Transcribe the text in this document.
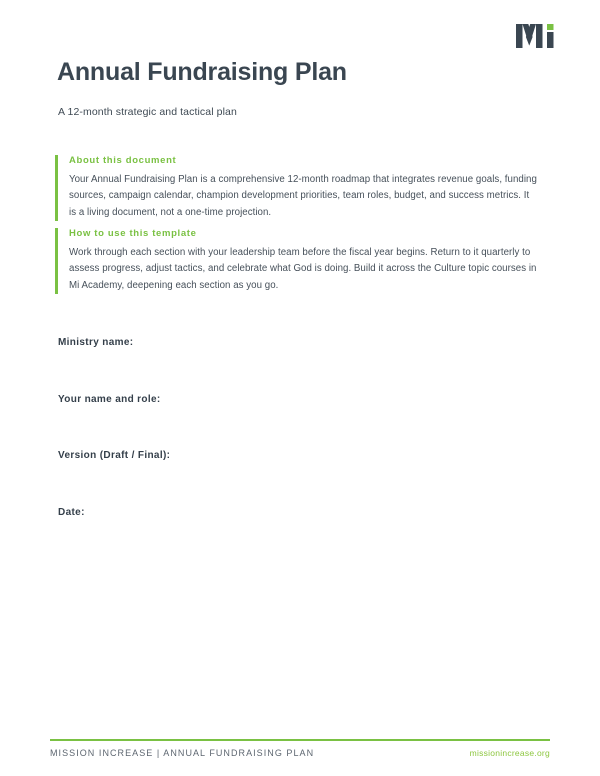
Annual Fundraising Plan

A 12-month strategic and tactical plan

About this document

Your Annual Fundraising Plan is a comprehensive 12-month roadmap that integrates revenue goals, funding sources, campaign calendar, champion development priorities, team roles, budget, and success metrics. It is a living document, not a one-time projection.

How to use this template

Work through each section with your leadership team before the fiscal year begins. Return to it quarterly to assess progress, adjust tactics, and celebrate what God is doing. Build it across the Culture topic courses in Mi Academy, deepening each section as you go.

Ministry name:
Your name and role:
Version (Draft / Final):
Date:
MISSION INCREASE | ANNUAL FUNDRAISING PLAN	missionincrease.org
